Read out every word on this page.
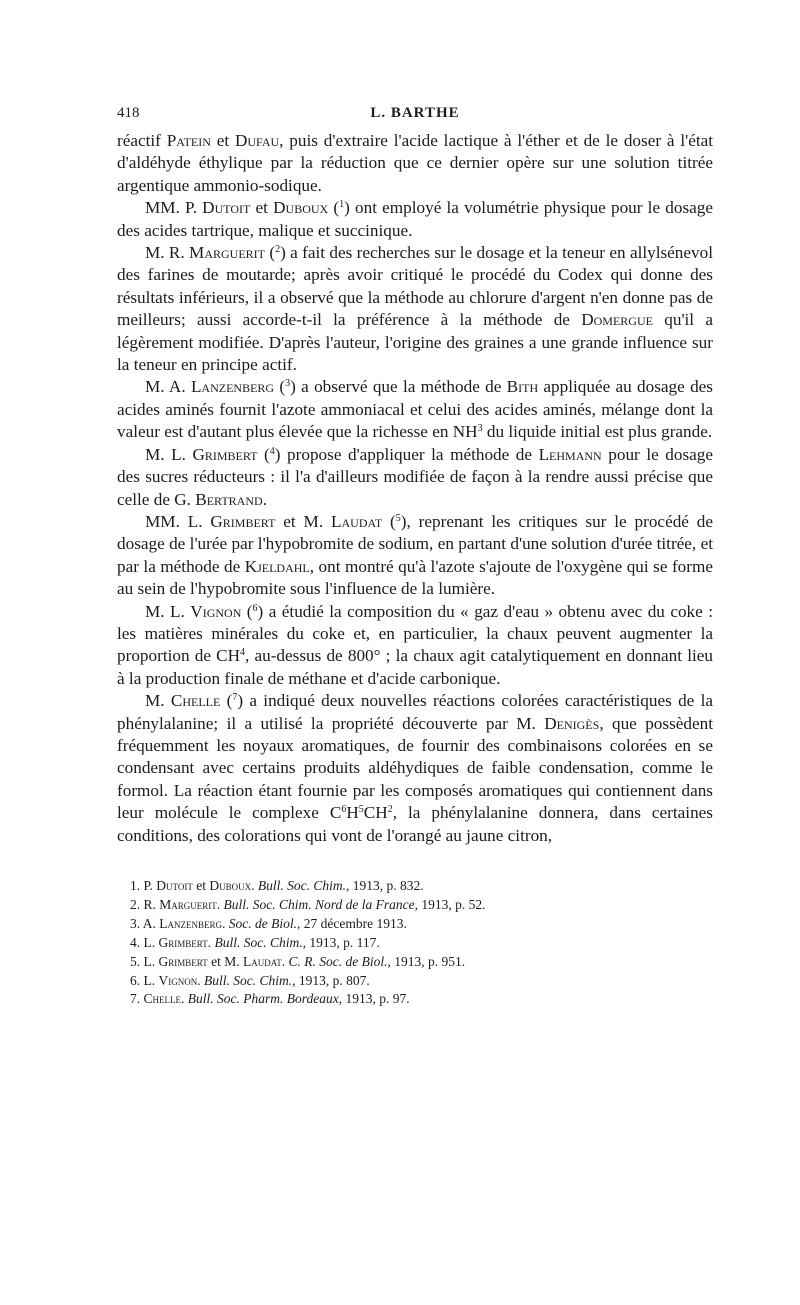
418	L. BARTHE

réactif Patein et Dufau, puis d'extraire l'acide lactique à l'éther et de le doser à l'état d'aldéhyde éthylique par la réduction que ce dernier opère sur une solution titrée argentique ammonio-sodique.

MM. P. Dutoit et Duboux ($^1$) ont employé la volumétrie physique pour le dosage des acides tartrique, malique et succinique.

M. R. Marguerit ($^2$) a fait des recherches sur le dosage et la teneur en allylsénevol des farines de moutarde; après avoir critiqué le procédé du Codex qui donne des résultats inférieurs, il a observé que la méthode au chlorure d'argent n'en donne pas de meilleurs; aussi accorde-t-il la préférence à la méthode de Domergue qu'il a légèrement modifiée. D'après l'auteur, l'origine des graines a une grande influence sur la teneur en principe actif.

M. A. Lanzenberg ($^3$) a observé que la méthode de Bith appliquée au dosage des acides aminés fournit l'azote ammoniacal et celui des acides aminés, mélange dont la valeur est d'autant plus élevée que la richesse en $NH^3$ du liquide initial est plus grande.

M. L. Grimbert ($^4$) propose d'appliquer la méthode de Lehmann pour le dosage des sucres réducteurs : il l'a d'ailleurs modifiée de façon à la rendre aussi précise que celle de G. Bertrand.

MM. L. Grimbert et M. Laudat ($^5$), reprenant les critiques sur le procédé de dosage de l'urée par l'hypobromite de sodium, en partant d'une solution d'urée titrée, et par la méthode de Kjeldahl, ont montré qu'à l'azote s'ajoute de l'oxygène qui se forme au sein de l'hypobromite sous l'influence de la lumière.

M. L. Vignon ($^6$) a étudié la composition du « gaz d'eau » obtenu avec du coke : les matières minérales du coke et, en particulier, la chaux peuvent augmenter la proportion de $CH^4$, au-dessus de 800° ; la chaux agit catalytiquement en donnant lieu à la production finale de méthane et d'acide carbonique.

M. Chelle ($^7$) a indiqué deux nouvelles réactions colorées caractéristiques de la phénylalanine; il a utilisé la propriété découverte par M. Denigès, que possèdent fréquemment les noyaux aromatiques, de fournir des combinaisons colorées en se condensant avec certains produits aldéhydiques de faible condensation, comme le formol. La réaction étant fournie par les composés aromatiques qui contiennent dans leur molécule le complexe $C^6H^5CH^2$, la phénylalanine donnera, dans certaines conditions, des colorations qui vont de l'orangé au jaune citron,

1. P. Dutoit et Duboux. Bull. Soc. Chim., 1913, p. 832.
2. R. Marguerit. Bull. Soc. Chim. Nord de la France, 1913, p. 52.
3. A. Lanzenberg. Soc. de Biol., 27 décembre 1913.
4. L. Grimbert. Bull. Soc. Chim., 1913, p. 117.
5. L. Grimbert et M. Laudat. C. R. Soc. de Biol., 1913, p. 951.
6. L. Vignon. Bull. Soc. Chim., 1913, p. 807.
7. Chelle. Bull. Soc. Pharm. Bordeaux, 1913, p. 97.
